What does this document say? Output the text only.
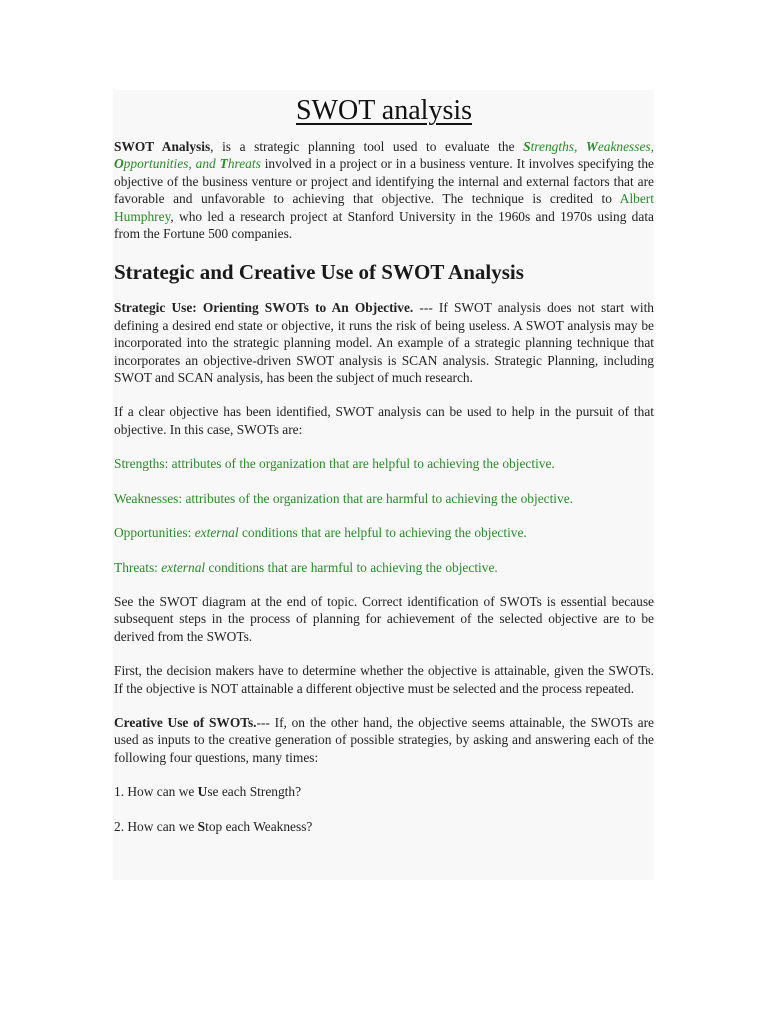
SWOT analysis

SWOT Analysis, is a strategic planning tool used to evaluate the Strengths, Weaknesses, Opportunities, and Threats involved in a project or in a business venture. It involves specifying the objective of the business venture or project and identifying the internal and external factors that are favorable and unfavorable to achieving that objective. The technique is credited to Albert Humphrey, who led a research project at Stanford University in the 1960s and 1970s using data from the Fortune 500 companies.

Strategic and Creative Use of SWOT Analysis

Strategic Use: Orienting SWOTs to An Objective. --- If SWOT analysis does not start with defining a desired end state or objective, it runs the risk of being useless. A SWOT analysis may be incorporated into the strategic planning model. An example of a strategic planning technique that incorporates an objective-driven SWOT analysis is SCAN analysis. Strategic Planning, including SWOT and SCAN analysis, has been the subject of much research.

If a clear objective has been identified, SWOT analysis can be used to help in the pursuit of that objective. In this case, SWOTs are:

Strengths: attributes of the organization that are helpful to achieving the objective.

Weaknesses: attributes of the organization that are harmful to achieving the objective.

Opportunities: external conditions that are helpful to achieving the objective.

Threats: external conditions that are harmful to achieving the objective.

See the SWOT diagram at the end of topic. Correct identification of SWOTs is essential because subsequent steps in the process of planning for achievement of the selected objective are to be derived from the SWOTs.

First, the decision makers have to determine whether the objective is attainable, given the SWOTs. If the objective is NOT attainable a different objective must be selected and the process repeated.

Creative Use of SWOTs.--- If, on the other hand, the objective seems attainable, the SWOTs are used as inputs to the creative generation of possible strategies, by asking and answering each of the following four questions, many times:

1. How can we Use each Strength?

2. How can we Stop each Weakness?
